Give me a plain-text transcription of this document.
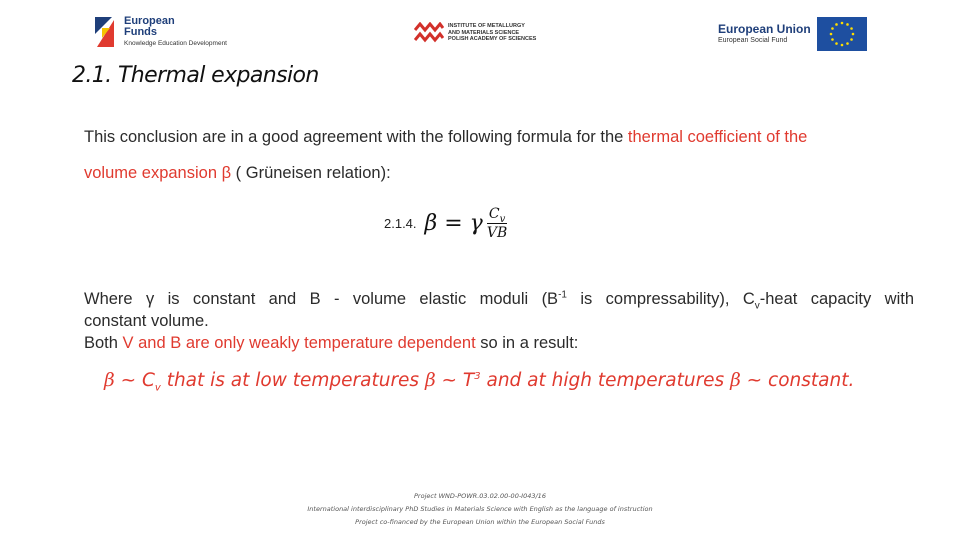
European
Funds
Knowledge Education Development
INSTITUTE OF METALLURGY
AND MATERIALS SCIENCE
POLISH ACADEMY OF SCIENCES
European Union
European Social Fund
2.1. Thermal expansion
This conclusion are in a good agreement with the following formula for the thermal coefficient of the
volume expansion β ( Grüneisen relation):
2.1.4. β = γ $\frac{C_v}{VB}$
Where γ is constant and B - volume elastic moduli ($B^{-1}$ is compressability), $C_v$-heat capacity with
constant volume.
Both V and B are only weakly temperature dependent so in a result:
β ~ $C_v$ that is at low temperatures β ~ $T^3$ and at high temperatures β ~ constant.
Project WND-POWR.03.02.00-00-I043/16
International interdisciplinary PhD Studies in Materials Science with English as the language of instruction
Project co-financed by the European Union within the European Social Funds
